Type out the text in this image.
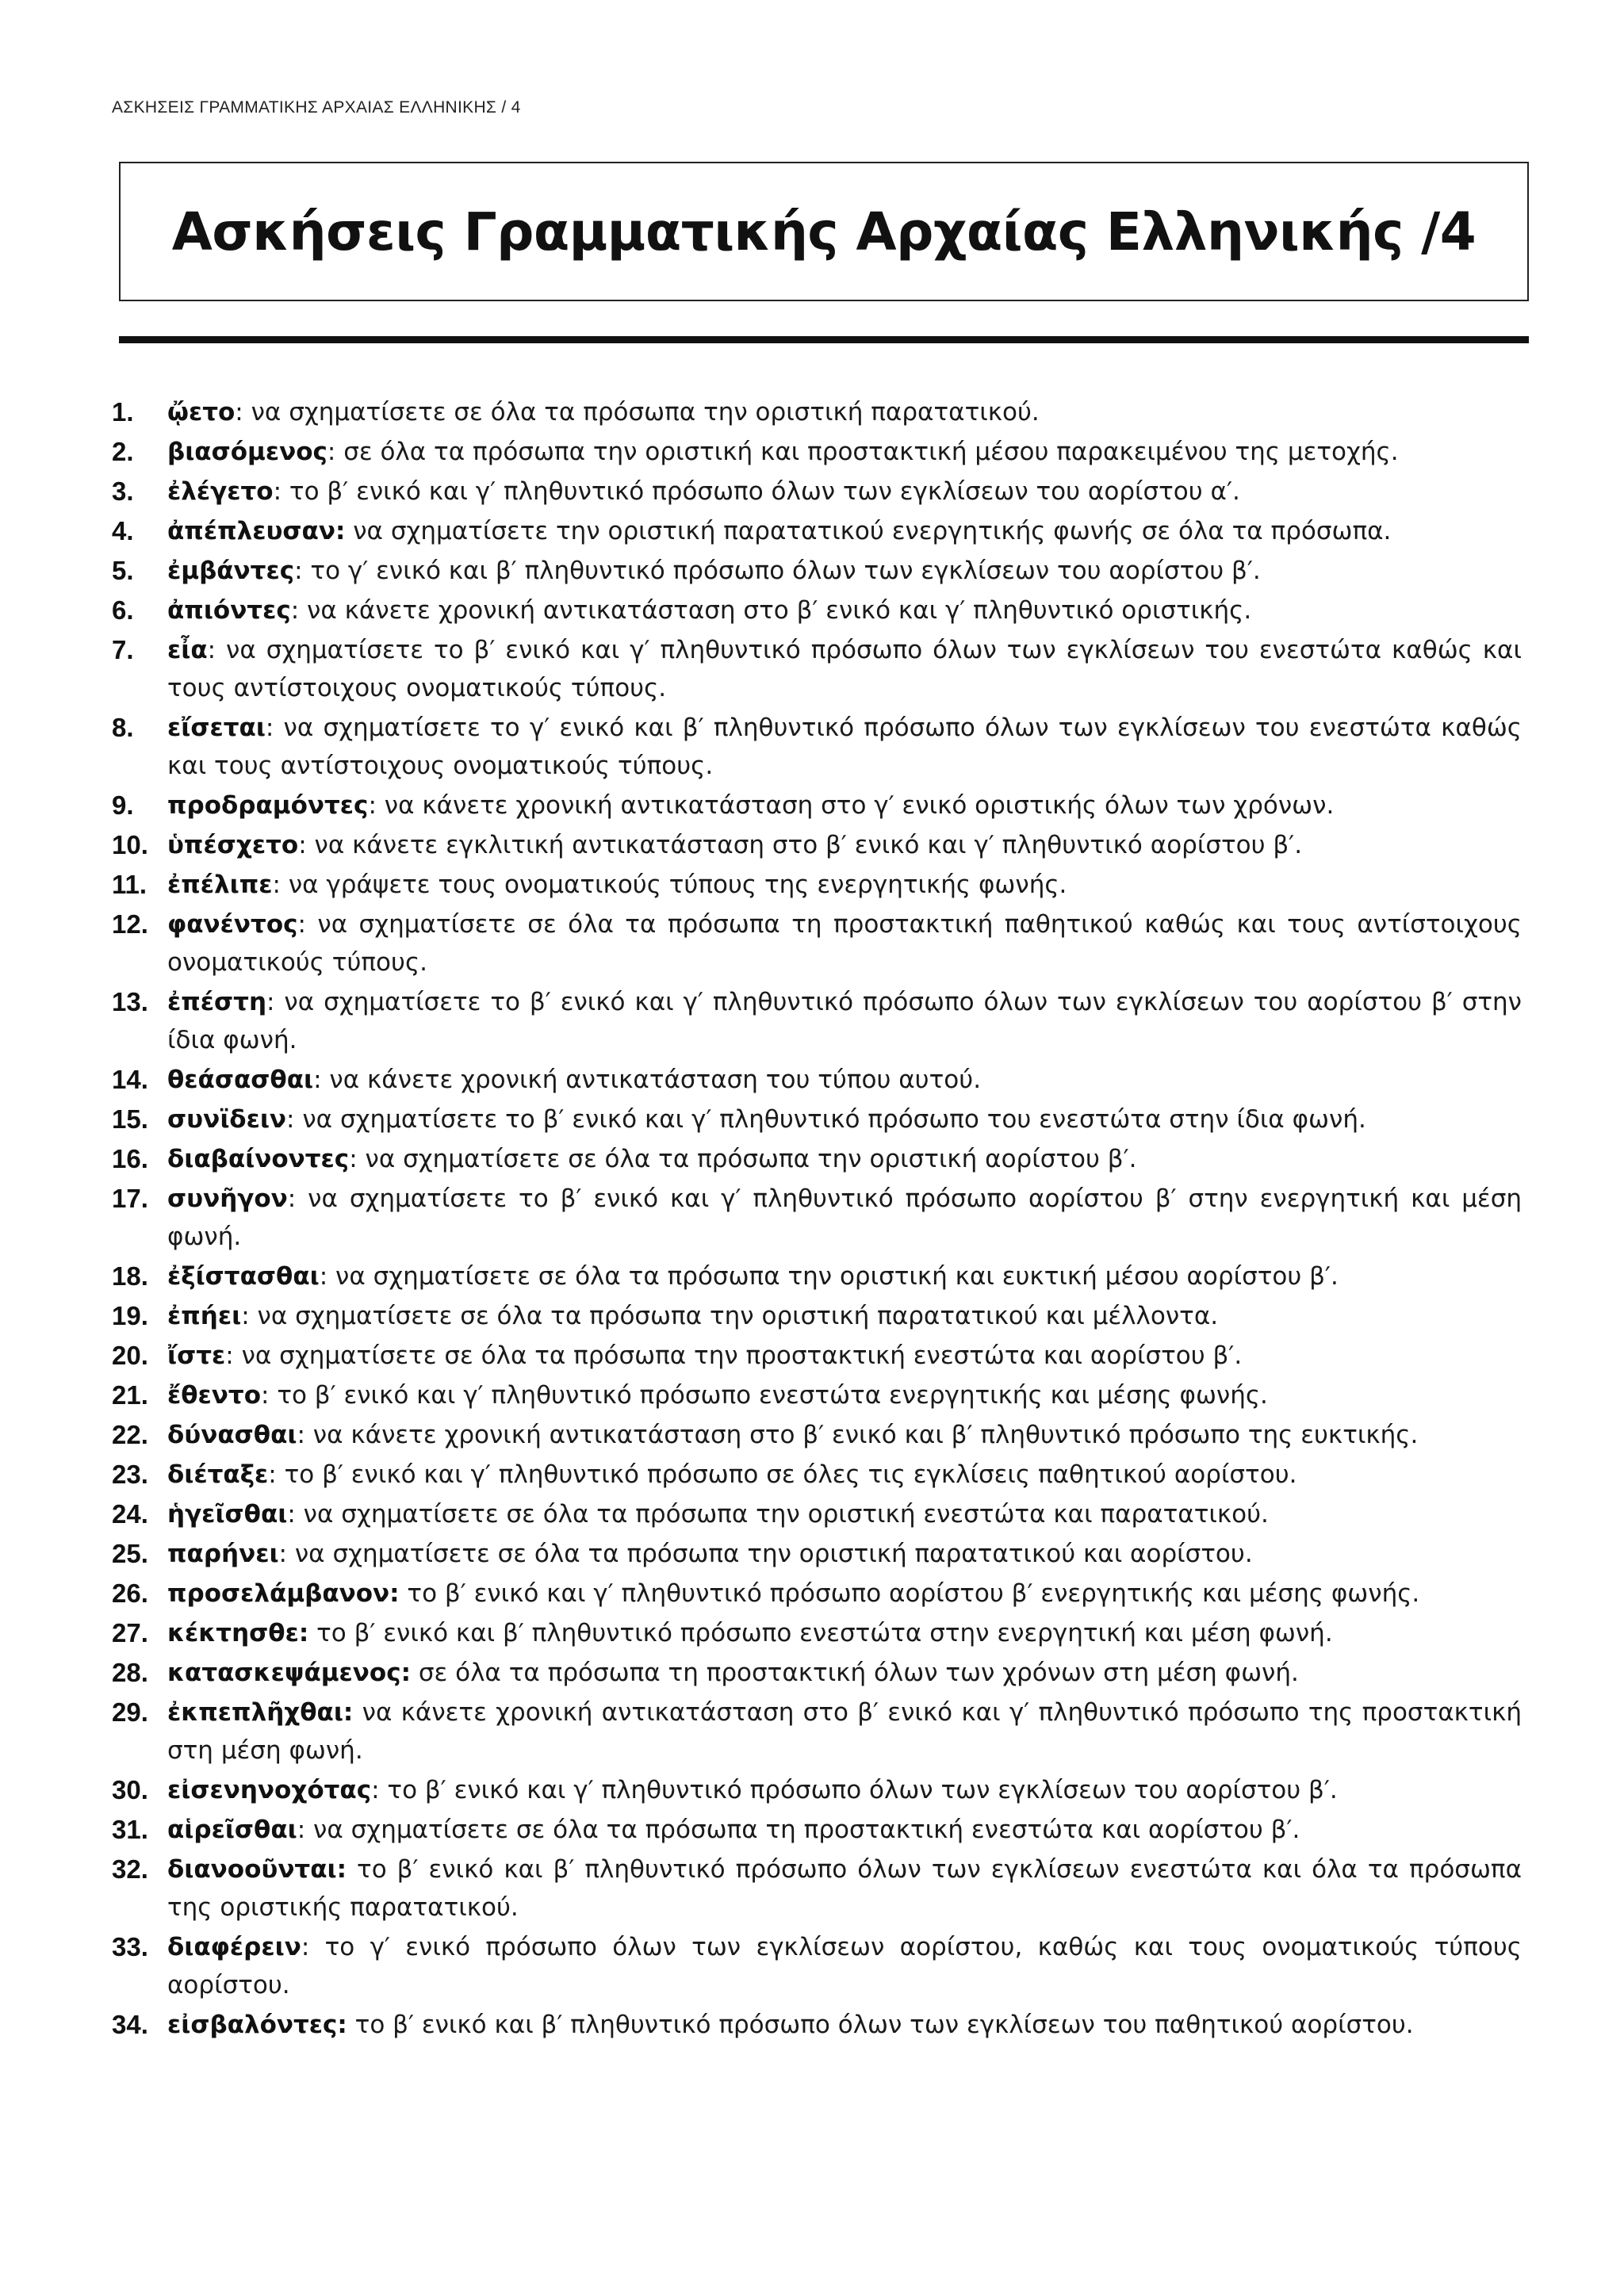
ΑΣΚΗΣΕΙΣ ΓΡΑΜΜΑΤΙΚΗΣ ΑΡΧΑΙΑΣ ΕΛΛΗΝΙΚΗΣ / 4
Ασκήσεις Γραμματικής Αρχαίας Ελληνικής /4
1.	ᾤετο: να σχηματίσετε σε όλα τα πρόσωπα την οριστική παρατατικού.
2.	βιασόμενος: σε όλα τα πρόσωπα την οριστική και προστακτική μέσου παρακειμένου της μετοχής.
3.	ἐλέγετο: το β′ ενικό και γ′ πληθυντικό πρόσωπο όλων των εγκλίσεων του αορίστου α′.
4.	ἀπέπλευσαν: να σχηματίσετε την οριστική παρατατικού ενεργητικής φωνής σε όλα τα πρόσωπα.
5.	ἐμβάντες: το γ′ ενικό και β′ πληθυντικό πρόσωπο όλων των εγκλίσεων του αορίστου β′.
6.	ἀπιόντες: να κάνετε χρονική αντικατάσταση στο β′ ενικό και γ′ πληθυντικό οριστικής.
7.	εἶα: να σχηματίσετε το β′ ενικό και γ′ πληθυντικό πρόσωπο όλων των εγκλίσεων του ενεστώτα καθώς και τους αντίστοιχους ονοματικούς τύπους.
8.	εἴσεται: να σχηματίσετε το γ′ ενικό και β′ πληθυντικό πρόσωπο όλων των εγκλίσεων του ενεστώτα καθώς και τους αντίστοιχους ονοματικούς τύπους.
9.	προδραμόντες: να κάνετε χρονική αντικατάσταση στο γ′ ενικό οριστικής όλων των χρόνων.
10. ὑπέσχετο: να κάνετε εγκλιτική αντικατάσταση στο β′ ενικό και γ′ πληθυντικό αορίστου β′.
11. ἐπέλιπε: να γράψετε τους ονοματικούς τύπους της ενεργητικής φωνής.
12. φανέντος: να σχηματίσετε σε όλα τα πρόσωπα τη προστακτική παθητικού καθώς και τους αντίστοιχους ονοματικούς τύπους.
13. ἐπέστη: να σχηματίσετε το β′ ενικό και γ′ πληθυντικό πρόσωπο όλων των εγκλίσεων του αορίστου β′ στην ίδια φωνή.
14. θεάσασθαι: να κάνετε χρονική αντικατάσταση του τύπου αυτού.
15. συνϊδειν: να σχηματίσετε το β′ ενικό και γ′ πληθυντικό πρόσωπο του ενεστώτα στην ίδια φωνή.
16. διαβαίνοντες: να σχηματίσετε σε όλα τα πρόσωπα την οριστική αορίστου β′.
17. συνῆγον: να σχηματίσετε το β′ ενικό και γ′ πληθυντικό πρόσωπο αορίστου β′ στην ενεργητική και μέση φωνή.
18. ἐξίστασθαι: να σχηματίσετε σε όλα τα πρόσωπα την οριστική και ευκτική μέσου αορίστου β′.
19. ἐπήει: να σχηματίσετε σε όλα τα πρόσωπα την οριστική παρατατικού και μέλλοντα.
20. ἴστε: να σχηματίσετε σε όλα τα πρόσωπα την προστακτική ενεστώτα και αορίστου β′.
21. ἔθεντο: το β′ ενικό και γ′ πληθυντικό πρόσωπο ενεστώτα ενεργητικής και μέσης φωνής.
22. δύνασθαι: να κάνετε χρονική αντικατάσταση στο β′ ενικό και β′ πληθυντικό πρόσωπο της ευκτικής.
23. διέταξε: το β′ ενικό και γ′ πληθυντικό πρόσωπο σε όλες τις εγκλίσεις παθητικού αορίστου.
24. ἡγεῖσθαι: να σχηματίσετε σε όλα τα πρόσωπα την οριστική ενεστώτα και παρατατικού.
25. παρήνει: να σχηματίσετε σε όλα τα πρόσωπα την οριστική παρατατικού και αορίστου.
26. προσελάμβανον: το β′ ενικό και γ′ πληθυντικό πρόσωπο αορίστου β′ ενεργητικής και μέσης φωνής.
27. κέκτησθε: το β′ ενικό και β′ πληθυντικό πρόσωπο ενεστώτα στην ενεργητική και μέση φωνή.
28. κατασκεψάμενος: σε όλα τα πρόσωπα τη προστακτική όλων των χρόνων στη μέση φωνή.
29. ἐκπεπλῆχθαι: να κάνετε χρονική αντικατάσταση στο β′ ενικό και γ′ πληθυντικό πρόσωπο της προστακτική στη μέση φωνή.
30. εἰσενηνοχότας: το β′ ενικό και γ′ πληθυντικό πρόσωπο όλων των εγκλίσεων του αορίστου β′.
31. αἱρεῖσθαι: να σχηματίσετε σε όλα τα πρόσωπα τη προστακτική ενεστώτα και αορίστου β′.
32. διανοοῦνται: το β′ ενικό και β′ πληθυντικό πρόσωπο όλων των εγκλίσεων ενεστώτα και όλα τα πρόσωπα της οριστικής παρατατικού.
33. διαφέρειν: το γ′ ενικό πρόσωπο όλων των εγκλίσεων αορίστου, καθώς και τους ονοματικούς τύπους αορίστου.
34. εἰσβαλόντες: το β′ ενικό και β′ πληθυντικό πρόσωπο όλων των εγκλίσεων του παθητικού αορίστου.
